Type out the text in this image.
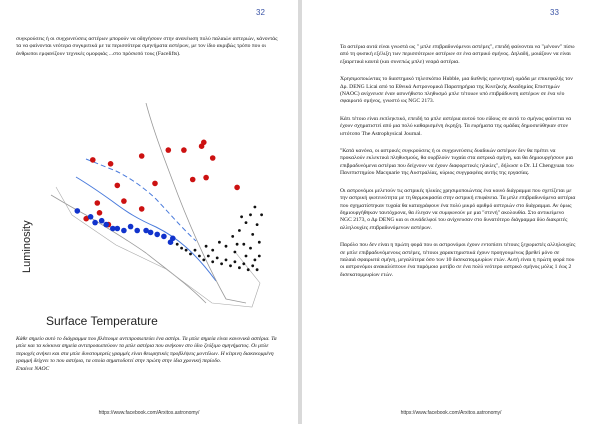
32
συγκρούσεις ή οι συγχωνεύσεις αστέρων μπορούν να οδηγήσουν στην ανανέωση πολύ παλαιών αστεριών, κάνοντάς τα να φαίνονται νεότερα συγκριτικά με τα περισσότερα σμηνήματα αστέρων, με τον ίδιο ακριβώς τρόπο που οι άνθρωποι εμφανίζουν τεχνικές ομορφιάς ...στο πρόσωπό τους (Facelifts).
Luminosity
Surface Temperature
Κάθε σημείο αυτό το διάγραμμα που βλέπουμε αντιπροσωπεύει ένα αστέρι. Τα μπλε σημεία είναι κανονικά αστέρια. Τα μπλε και τα κόκκινα σημεία αντιπροσωπεύουν τα μπλε αστέρια που ανήκουν στο ίδιο ζεύξιμο σμηνήματος. Οι μπλε περιοχές ανήκει και στα μπλε δυνατομερείς γραμμές είναι θεωρητικές προβλέψεις μοντέλων. Η κίτρινη διακεκομμένη γραμμή δείχνει το που αστέρια, τα οποία σηματοδοτεί στην πρώτη στην ίδια χρονική περίοδο.
Επαίνιε NAOC
https://www.facebook.com/Arxitos.astronomy/
33

Τα αστέρια αυτά είναι γνωστά ως " μπλε επιβραδυνόμενοι αστέρες", επειδή φαίνονται να "μένουν" πίσω από τη φυσική εξέλιξη των περισσότερων αστέρων σε ένα αστρικό σμήνος. Δηλαδή, μοιάζουν να είναι εξαιρετικά καυτά (και συνεπώς μπλε) νεαρά αστέρια.

Χρησιμοποιώντας το διαστημικό τηλεσκόπιο Hubble, μια διεθνής ερευνητική ομάδα με επικεφαλής τον Δρ. DENG Licai από τα Εθνικά Αστρονομικά Παρατηρήρια της Κινεζικής Ακαδημίας Επιστημών (NAOC) ανίχνευσε έναν ασυνήθιστο πληθυσμό μπλε τέτοιων υπό επιβράδυνση αστέρων σε ένα νέο σφαιρωτό σμήνος, γνωστό ως NGC 2173.

Κάτι τέτοιο είναι εκπληκτικό, επειδή τα μπλε αστέρια αυτού του είδους σε αυτό το σμήνος φαίνεται να έχουν σχηματιστεί από μια πολύ καθαρισμένη έκρηξη. Τα ευρήματα της ομάδας δημοσιεύθηκαν στον ιστότοπο The Astrophysical Journal.

"Κατά κανόνα, οι αστρικές συγκρούσεις ή οι συγχωνεύσεις δυαδικών αστέρων δεν θα πρέπει να προκαλούν εκλεκτικά πληθυσμούς, θα ουρβλούν τυχαία στα αστρικά σμήνη, και θα δημιουργήσουν μια επιβραδυνόμενα αστέρια που δείχνουν να έχουν διαφορετικές ηλικίες", δήλωσε ο Dr. LI Chengyuan του Πανεπιστημίου Macquarie της Αυστραλίας, κύριος συγγραφέας αυτής της εργασίας.

Οι αστρονόμοι μελετούν τις αστρικές ηλικίες χρησιμοποιώντας ένα κοινό διάγραμμα που σχετίζεται με την αστρική φωτεινότητα με τη θερμοκρασία στην αστρική επιφάνεια. Τα μπλε επιβραδυνόμενα αστέρια που σχηματίστηκαν τυχαία θα καταγράφουν ένα πολύ μικρό αριθμό αστεριών στο διάγραμμα. Αν όμως δημιουργήθηκαν ταυτόχρονα, θα έλεγαν να συμφωνούν με μια "στενή" ακολουθία. Στο αντικείμενο NGC 2173, ο Δρ DENG και οι συνάδελφοί του ανίχνευσαν στο δυνατότερο διάγραμμα δύο διακριτές αλληλουχίες επιβραδυνόμενων αστέρων.

Παρόλο που δεν είναι η πρώτη φορά που οι αστρονόμοι έχουν εντοπίσει τέτοιες ξεχωριστές αλληλουχίες σε μπλε επιβραδυνόμενους αστέρες, τέτοιοι χαρακτηριστικά έχουν προηγουμένως βρεθεί μόνο σε παλαιά σφαιρωτά σμήνη, μεγαλύτερα όσο των 10 δισεκατομμυρίων ετών. Αυτή είναι η πρώτη φορά που οι αστρονόμοι ανακαλύπτουν ένα παρόμοιο μοτίβο σε ένα πολύ νεότερο αστρικό σμήνος μόλις 1 έως 2 δισεκατομμυρίων ετών.

https://www.facebook.com/Arxitos.astronomy/
